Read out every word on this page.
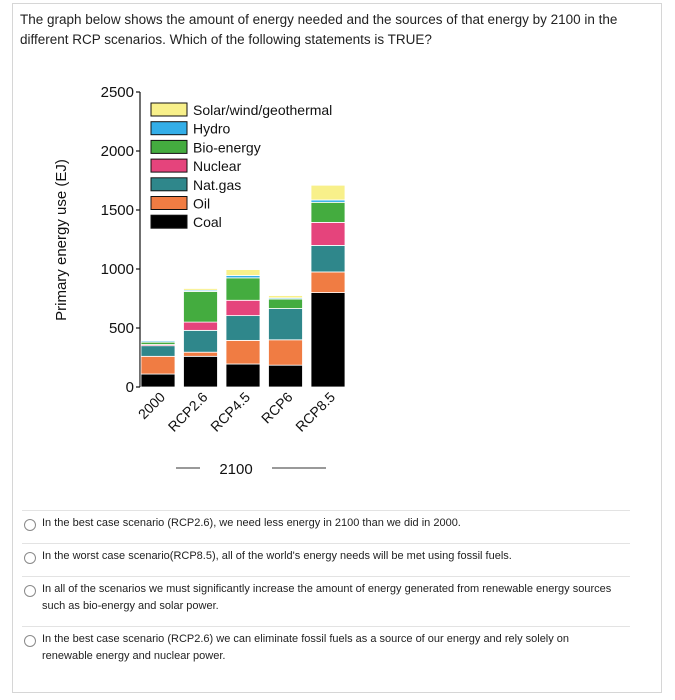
The graph below shows the amount of energy needed and the sources of that energy by 2100 in the different RCP scenarios. Which of the following statements is TRUE?
0
500
1000
1500
2000
2500
Primary energy use (EJ)
2000
RCP2.6
RCP4.5 RCP6
RCP8.5
2100
Solar/wind/geothermal
Hydro
Bio-energy
Nuclear
Nat.gas
Oil
Coal
In the best case scenario (RCP2.6), we need less energy in 2100 than we did in 2000.
In the worst case scenario(RCP8.5), all of the world's energy needs will be met using fossil fuels.
In all of the scenarios we must significantly increase the amount of energy generated from renewable energy sources such as bio-energy and solar power.
In the best case scenario (RCP2.6) we can eliminate fossil fuels as a source of our energy and rely solely on renewable energy and nuclear power.
